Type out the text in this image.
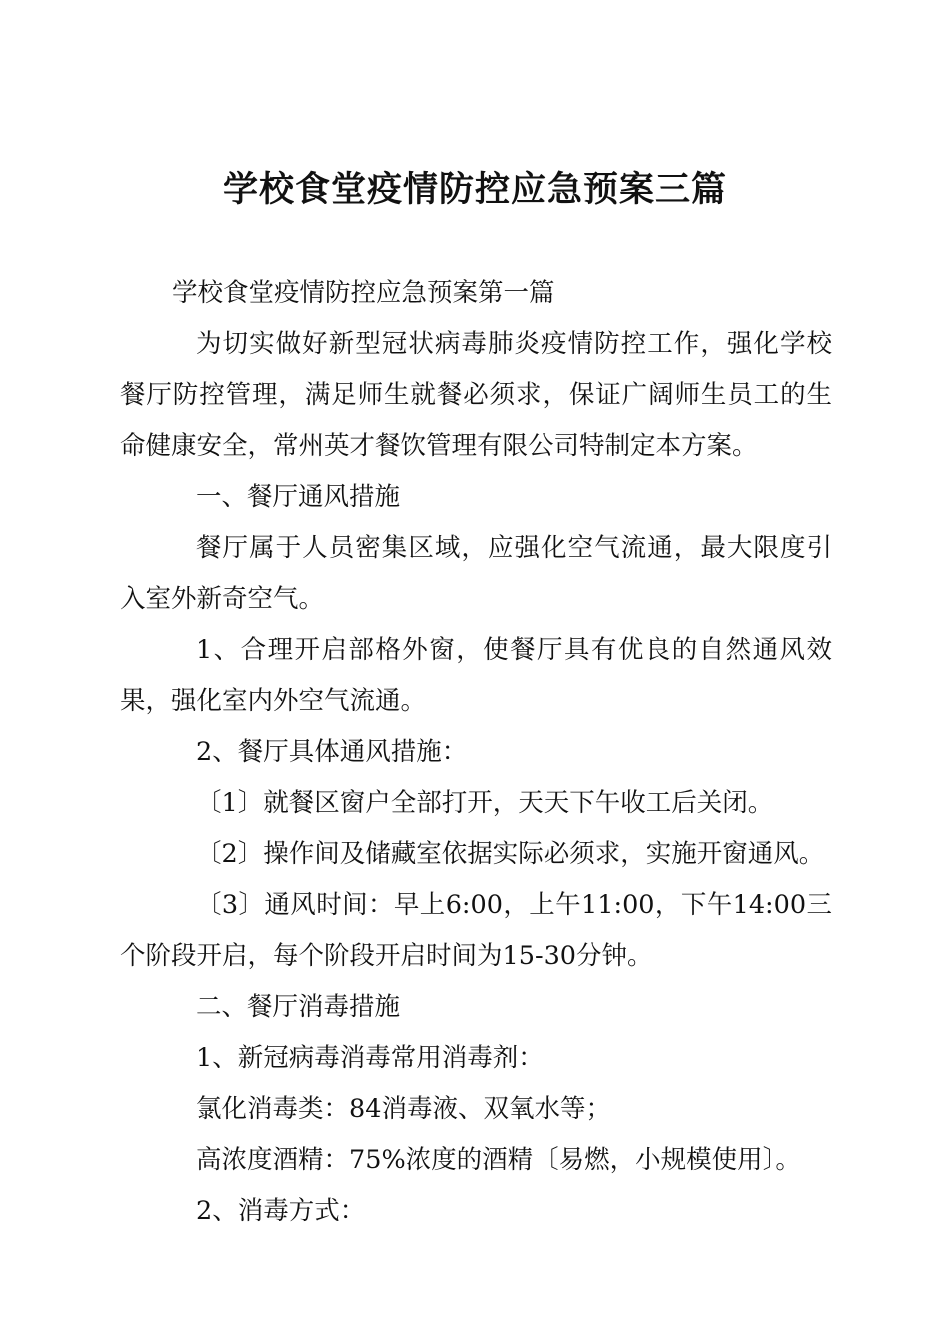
学校食堂疫情防控应急预案三篇

学校食堂疫情防控应急预案第一篇

为切实做好新型冠状病毒肺炎疫情防控工作，强化学校餐厅防控管理，满足师生就餐必须求，保证广阔师生员工的生命健康安全，常州英才餐饮管理有限公司特制定本方案。

一、餐厅通风措施

餐厅属于人员密集区域，应强化空气流通，最大限度引入室外新奇空气。

1、合理开启部格外窗，使餐厅具有优良的自然通风效果，强化室内外空气流通。

2、餐厅具体通风措施：

〔1〕就餐区窗户全部打开，天天下午收工后关闭。

〔2〕操作间及储藏室依据实际必须求，实施开窗通风。

〔3〕通风时间：早上6:00，上午11:00，下午14:00三个阶段开启，每个阶段开启时间为15-30分钟。

二、餐厅消毒措施

1、新冠病毒消毒常用消毒剂：

氯化消毒类：84消毒液、双氧水等；

高浓度酒精：75%浓度的酒精〔易燃，小规模使用〕。

2、消毒方式：
